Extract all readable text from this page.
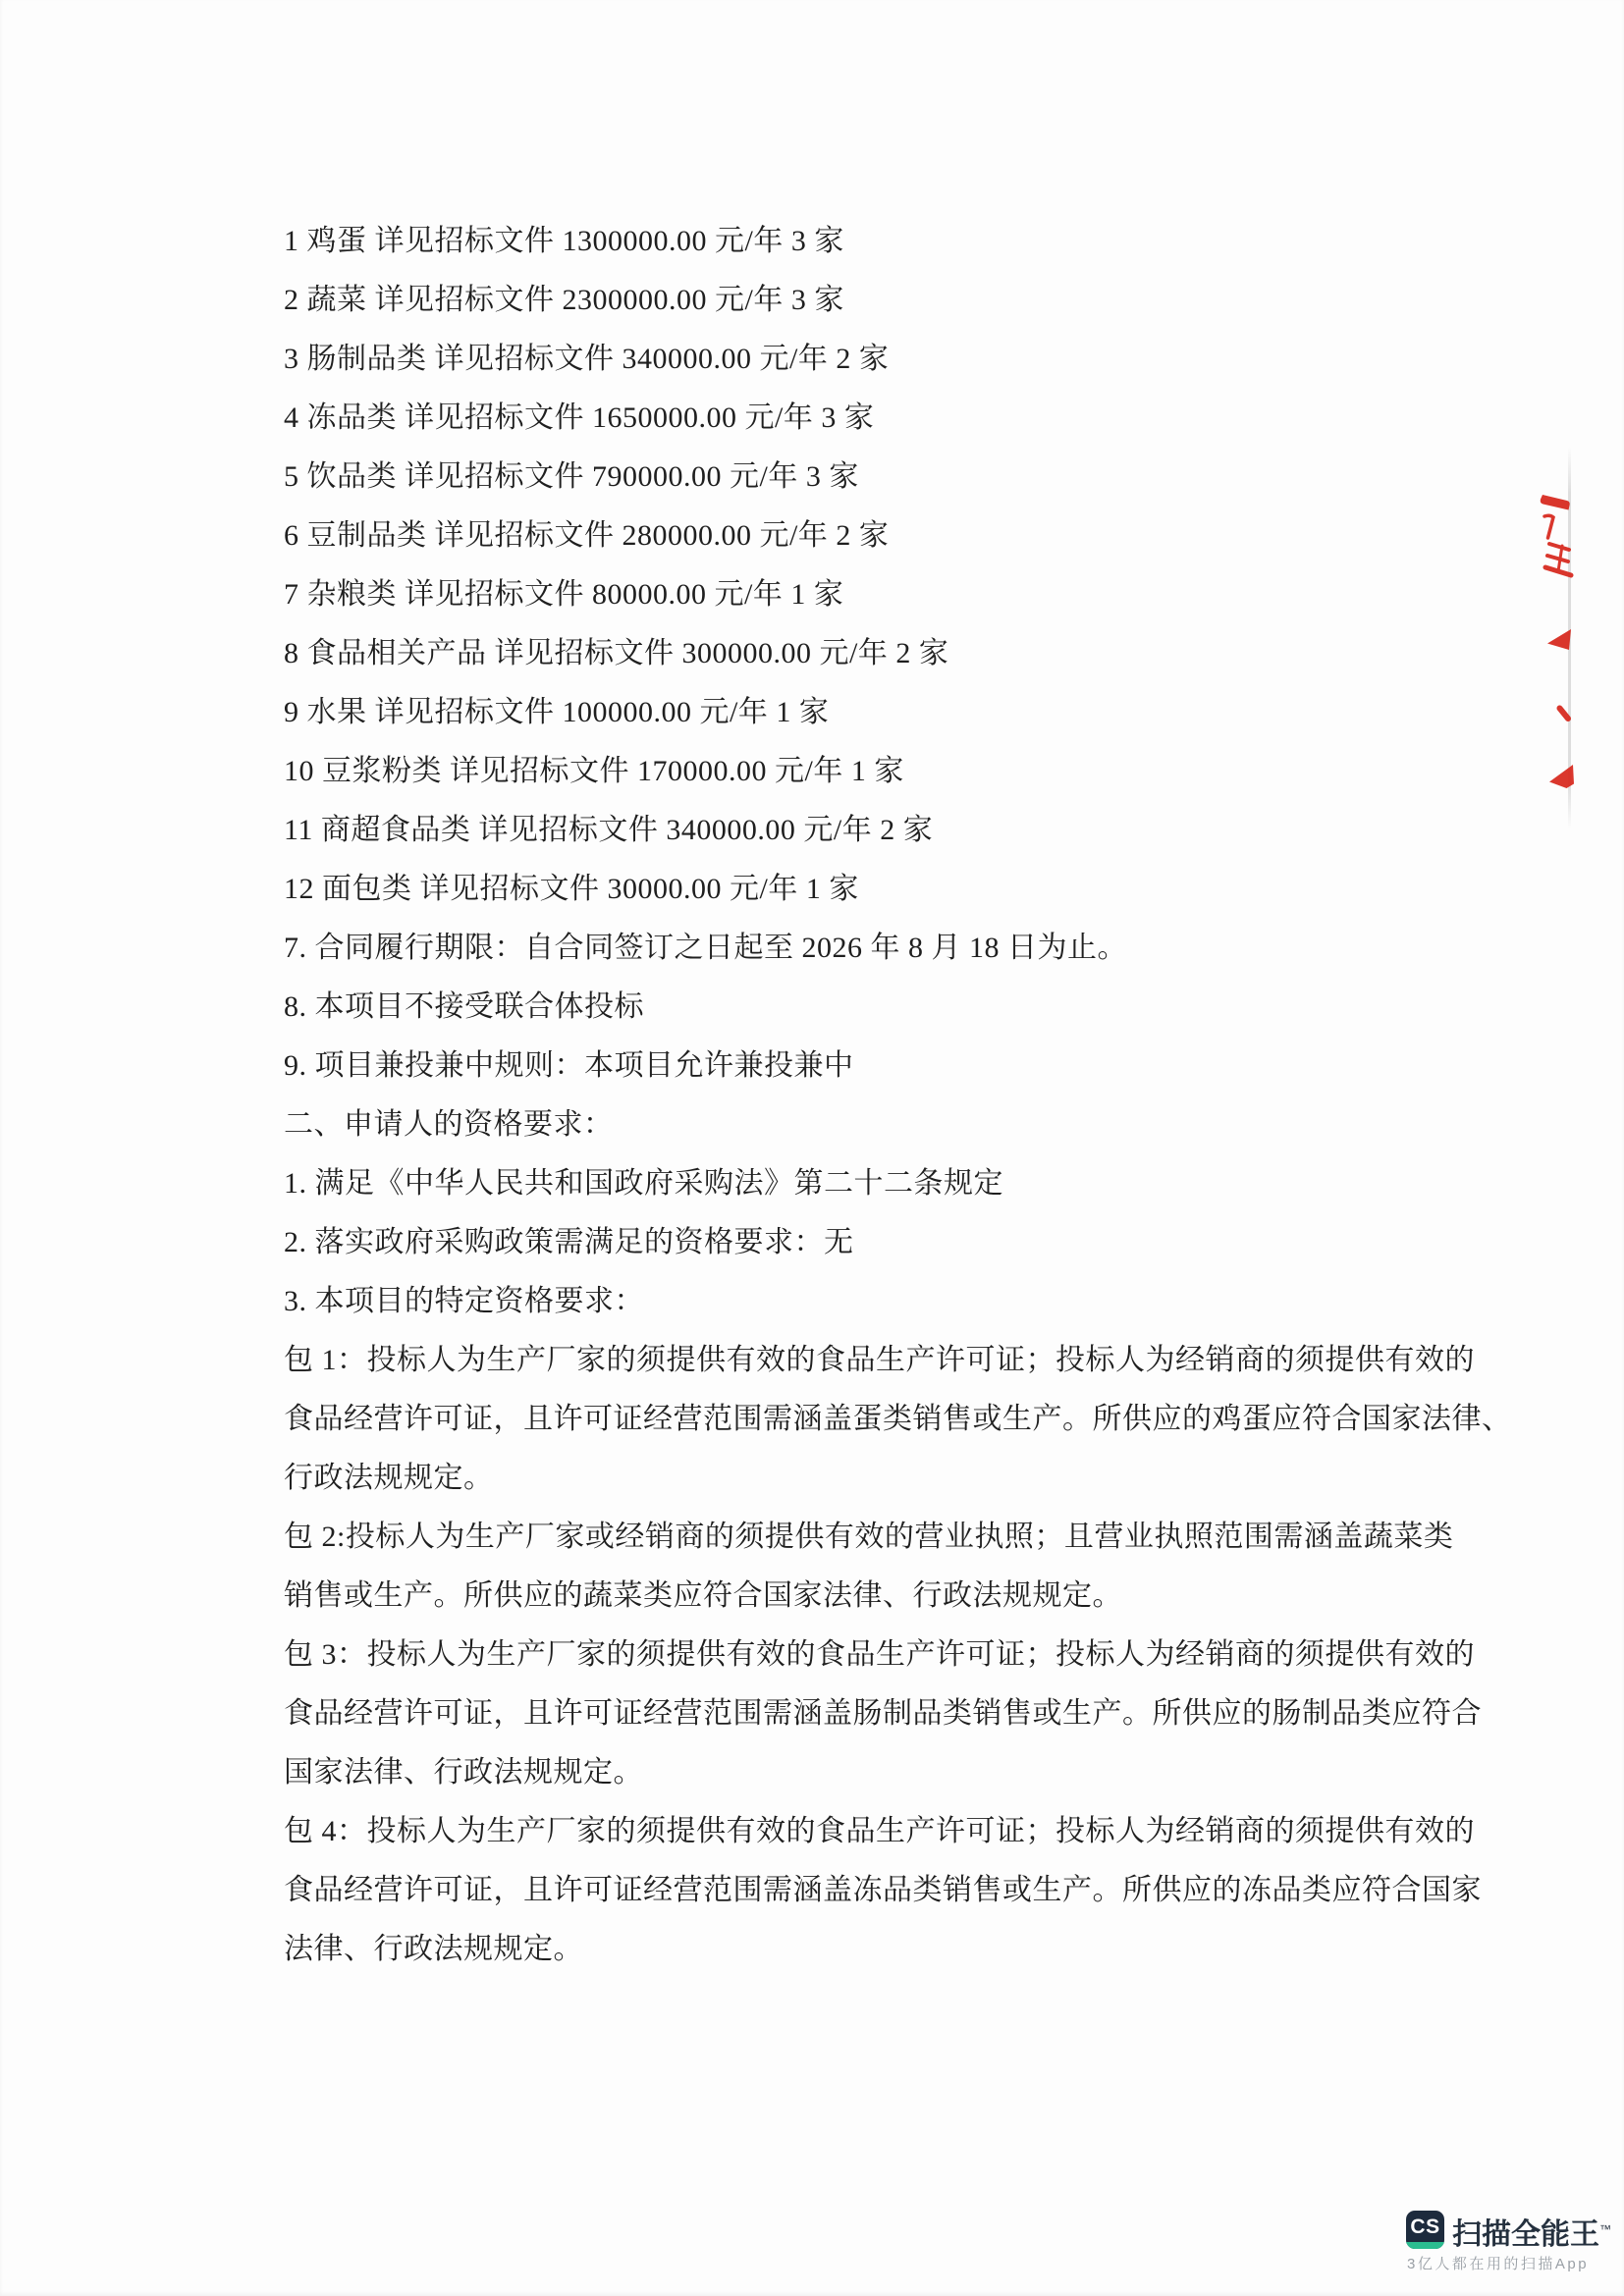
1 鸡蛋 详见招标文件 1300000.00 元/年 3 家
2 蔬菜 详见招标文件 2300000.00 元/年 3 家
3 肠制品类 详见招标文件 340000.00 元/年 2 家
4 冻品类 详见招标文件 1650000.00 元/年 3 家
5 饮品类 详见招标文件 790000.00 元/年 3 家
6 豆制品类 详见招标文件 280000.00 元/年 2 家
7 杂粮类 详见招标文件 80000.00 元/年 1 家
8 食品相关产品 详见招标文件 300000.00 元/年 2 家
9 水果 详见招标文件 100000.00 元/年 1 家
10 豆浆粉类 详见招标文件 170000.00 元/年 1 家
11 商超食品类 详见招标文件 340000.00 元/年 2 家
12 面包类 详见招标文件 30000.00 元/年 1 家
7. 合同履行期限：自合同签订之日起至 2026 年 8 月 18 日为止。
8. 本项目不接受联合体投标
9. 项目兼投兼中规则：本项目允许兼投兼中
二、申请人的资格要求：
1. 满足《中华人民共和国政府采购法》第二十二条规定
2. 落实政府采购政策需满足的资格要求：无
3. 本项目的特定资格要求：
包 1：投标人为生产厂家的须提供有效的食品生产许可证；投标人为经销商的须提供有效的
食品经营许可证，且许可证经营范围需涵盖蛋类销售或生产。所供应的鸡蛋应符合国家法律、
行政法规规定。
包 2:投标人为生产厂家或经销商的须提供有效的营业执照；且营业执照范围需涵盖蔬菜类
销售或生产。所供应的蔬菜类应符合国家法律、行政法规规定。
包 3：投标人为生产厂家的须提供有效的食品生产许可证；投标人为经销商的须提供有效的
食品经营许可证，且许可证经营范围需涵盖肠制品类销售或生产。所供应的肠制品类应符合
国家法律、行政法规规定。
包 4：投标人为生产厂家的须提供有效的食品生产许可证；投标人为经销商的须提供有效的
食品经营许可证，且许可证经营范围需涵盖冻品类销售或生产。所供应的冻品类应符合国家
法律、行政法规规定。
CS 扫描全能王™
3亿人都在用的扫描App
